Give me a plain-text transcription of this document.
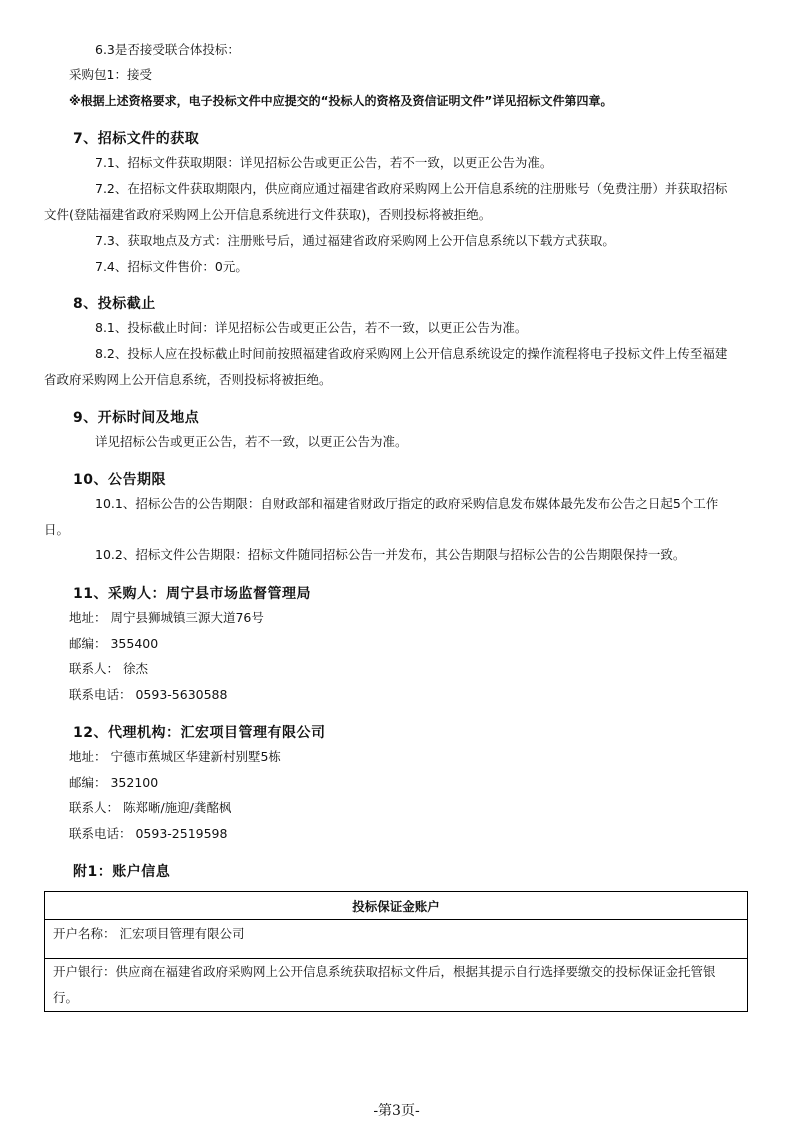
6.3是否接受联合体投标：
采购包1：接受
※根据上述资格要求，电子投标文件中应提交的“投标人的资格及资信证明文件”详见招标文件第四章。
7、招标文件的获取
7.1、招标文件获取期限：详见招标公告或更正公告，若不一致，以更正公告为准。
7.2、在招标文件获取期限内，供应商应通过福建省政府采购网上公开信息系统的注册账号（免费注册）并获取招标
文件(登陆福建省政府采购网上公开信息系统进行文件获取)，否则投标将被拒绝。
7.3、获取地点及方式：注册账号后，通过福建省政府采购网上公开信息系统以下载方式获取。
7.4、招标文件售价：0元。
8、投标截止
8.1、投标截止时间：详见招标公告或更正公告，若不一致，以更正公告为准。
8.2、投标人应在投标截止时间前按照福建省政府采购网上公开信息系统设定的操作流程将电子投标文件上传至福建
省政府采购网上公开信息系统，否则投标将被拒绝。
9、开标时间及地点
详见招标公告或更正公告，若不一致，以更正公告为准。
10、公告期限
10.1、招标公告的公告期限：自财政部和福建省财政厅指定的政府采购信息发布媒体最先发布公告之日起5个工作
日。
10.2、招标文件公告期限：招标文件随同招标公告一并发布，其公告期限与招标公告的公告期限保持一致。
11、采购人：周宁县市场监督管理局
地址： 周宁县狮城镇三源大道76号
邮编： 355400
联系人： 徐杰
联系电话： 0593-5630588
12、代理机构：汇宏项目管理有限公司
地址： 宁德市蕉城区华建新村别墅5栋
邮编： 352100
联系人： 陈郑晰/施迎/龚酩枫
联系电话： 0593-2519598
附1：账户信息
投标保证金账户
开户名称： 汇宏项目管理有限公司
开户银行：供应商在福建省政府采购网上公开信息系统获取招标文件后，根据其提示自行选择要缴交的投标保证金托管银行。
-第3页-
